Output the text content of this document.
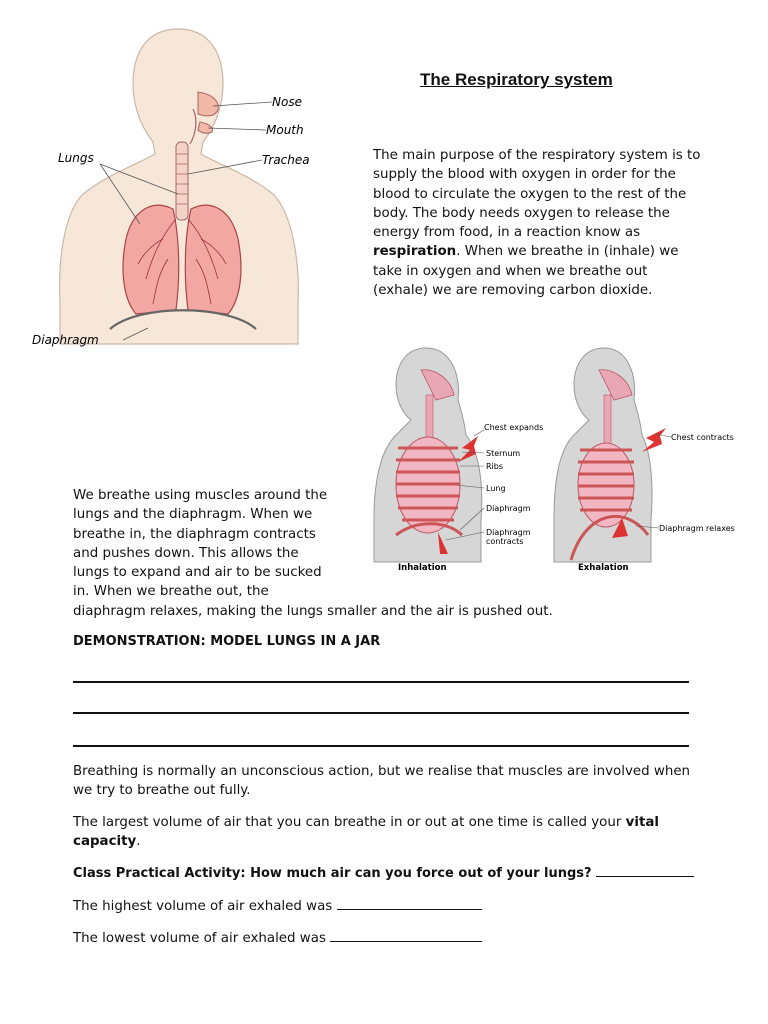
The Respiratory system
Nose
Mouth
Trachea
Lungs
Diaphragm
The main purpose of the respiratory system is to supply the blood with oxygen in order for the blood to circulate the oxygen to the rest of the body. The body needs oxygen to release the energy from food, in a reaction know as respiration. When we breathe in (inhale) we take in oxygen and when we breathe out (exhale) we are removing carbon dioxide.
Chest expands
Sternum
Ribs
Lung
Diaphragm
Diaphragm
contracts
Inhalation
Chest contracts
Diaphragm relaxes
Exhalation
We breathe using muscles around the lungs and the diaphragm. When we breathe in, the diaphragm contracts and pushes down. This allows the lungs to expand and air to be sucked in. When we breathe out, the
diaphragm relaxes, making the lungs smaller and the air is pushed out.
DEMONSTRATION: MODEL LUNGS IN A JAR
Breathing is normally an unconscious action, but we realise that muscles are involved when we try to breathe out fully.
The largest volume of air that you can breathe in or out at one time is called your vital capacity.
Class Practical Activity: How much air can you force out of your lungs?
The highest volume of air exhaled was
The lowest volume of air exhaled was
